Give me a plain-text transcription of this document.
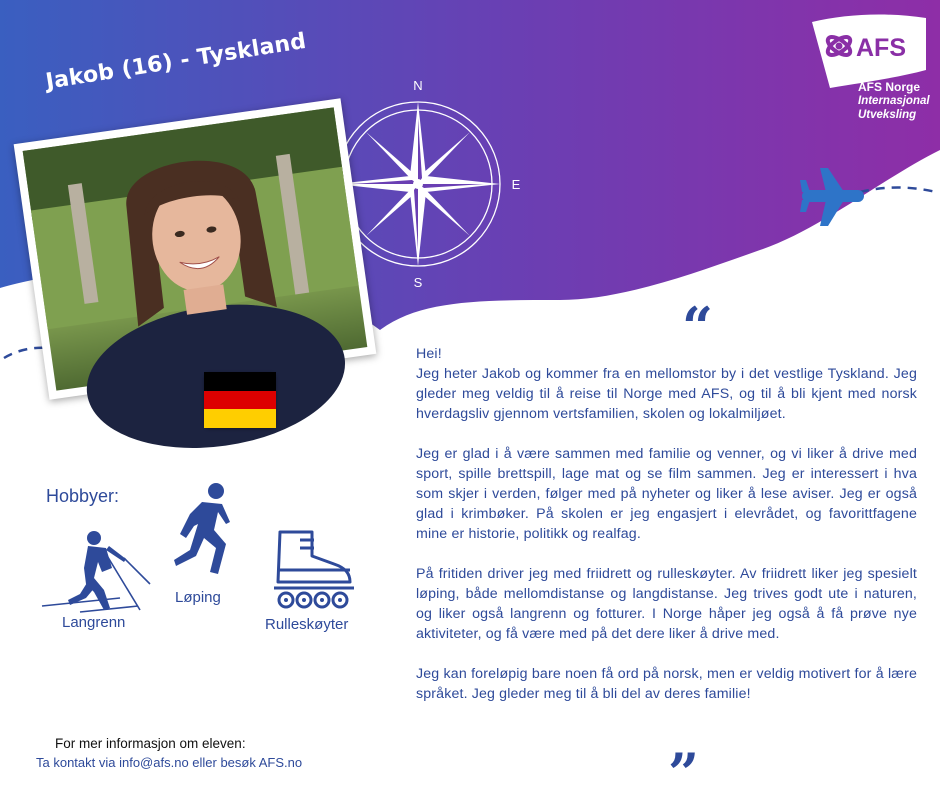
N
E
S
AFS
AFS Norge
Internasjonal
Utveksling
Jakob (16) - Tyskland
“
”

Hei!
Jeg heter Jakob og kommer fra en mellomstor by i det vestlige Tyskland. Jeg gleder meg veldig til å reise til Norge med AFS, og til å bli kjent med norsk hverdagsliv gjennom vertsfamilien, skolen og lokalmiljøet.

Jeg er glad i å være sammen med familie og venner, og vi liker å drive med sport, spille brettspill, lage mat og se film sammen. Jeg er interessert i hva som skjer i verden, følger med på nyheter og liker å lese aviser. Jeg er også glad i krimbøker. På skolen er jeg engasjert i elevrådet, og favorittfagene mine er historie, politikk og realfag.

På fritiden driver jeg med friidrett og rulleskøyter. Av friidrett liker jeg spesielt løping, både mellomdistanse og langdistanse. Jeg trives godt ute i naturen, og liker også langrenn og fotturer. I Norge håper jeg også å få prøve nye aktiviteter, og få være med på det dere liker å drive med.

Jeg kan foreløpig bare noen få ord på norsk, men er veldig motivert for å lære språket. Jeg gleder meg til å bli del av deres familie!

Hobbyer:
Langrenn
Løping
Rulleskøyter
For mer informasjon om eleven:
Ta kontakt via info@afs.no eller besøk AFS.no
